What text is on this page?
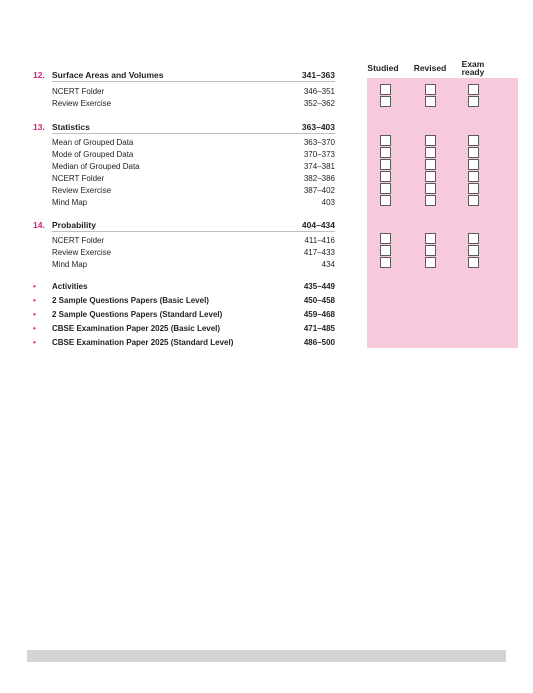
Studied	Revised	Exam
ready
12. Surface Areas and Volumes	341–363
NCERT Folder	346–351
Review Exercise	352–362
13. Statistics	363–403
Mean of Grouped Data	363–370
Mode of Grouped Data	370–373
Median of Grouped Data	374–381
NCERT Folder	382–386
Review Exercise	387–402
Mind Map	403
14. Probability	404–434
NCERT Folder	411–416
Review Exercise	417–433
Mind Map	434
• Activities	435–449
• 2 Sample Questions Papers (Basic Level)	450–458
• 2 Sample Questions Papers (Standard Level)	459–468
• CBSE Examination Paper 2025 (Basic Level)	471–485
• CBSE Examination Paper 2025 (Standard Level)	486–500
